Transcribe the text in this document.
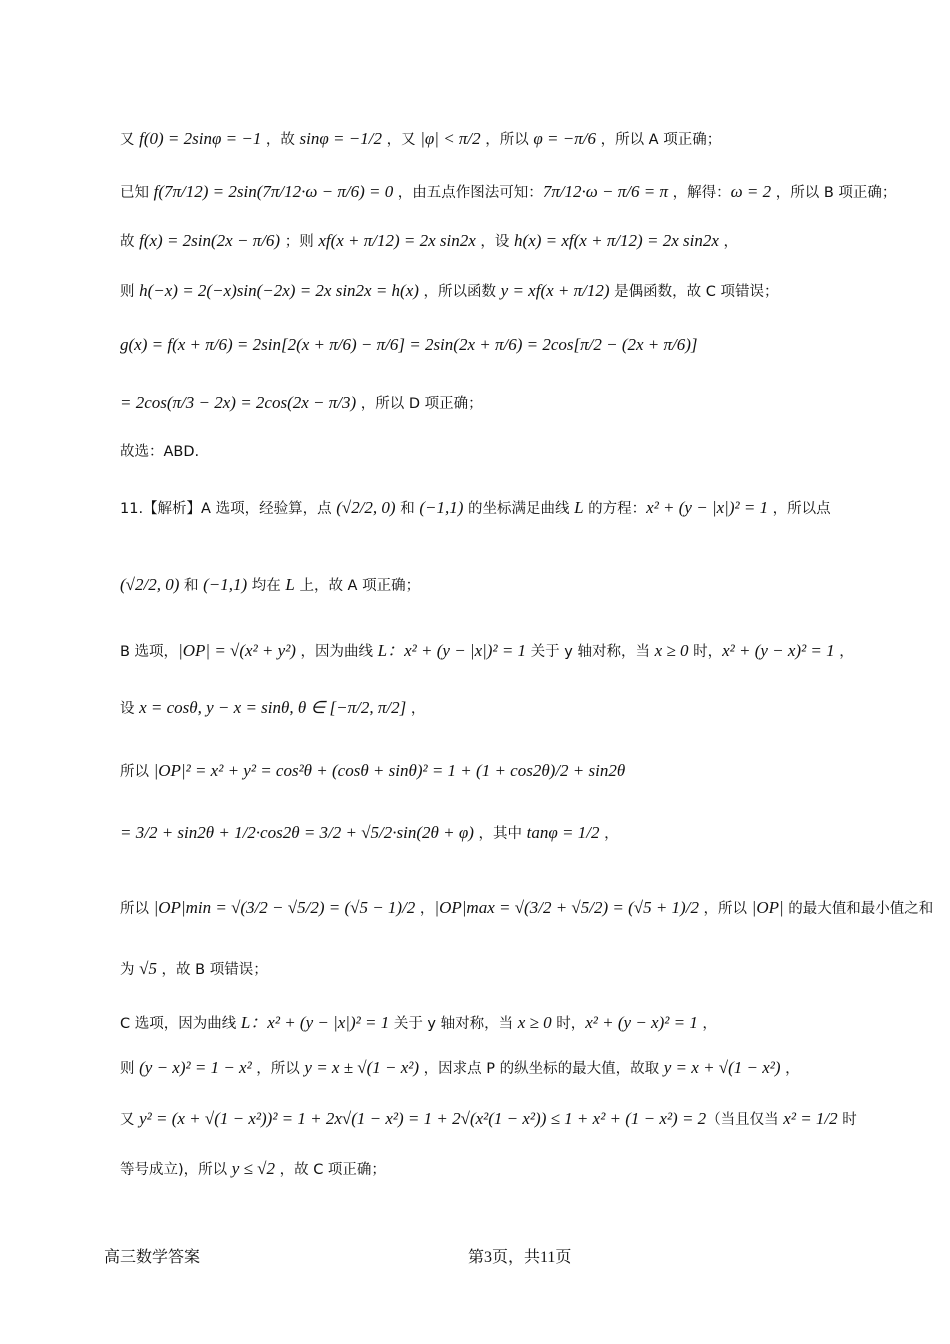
又 f(0) = 2sinφ = −1 ，故 sinφ = −1/2 ，又 |φ| < π/2 ，所以 φ = −π/6 ，所以 A 项正确；
已知 f(7π/12) = 2sin(7π/12·ω − π/6) = 0 ，由五点作图法可知：7π/12·ω − π/6 = π ，解得：ω = 2 ，所以 B 项正确；
故 f(x) = 2sin(2x − π/6) ；则 xf(x + π/12) = 2x sin2x ，设 h(x) = xf(x + π/12) = 2x sin2x ，
则 h(−x) = 2(−x)sin(−2x) = 2x sin2x = h(x) ，所以函数 y = xf(x + π/12) 是偶函数，故 C 项错误；
g(x) = f(x + π/6) = 2sin[2(x + π/6) − π/6] = 2sin(2x + π/6) = 2cos[π/2 − (2x + π/6)]
= 2cos(π/3 − 2x) = 2cos(2x − π/3) ，所以 D 项正确；
故选：ABD.
11.【解析】A 选项，经验算，点 (√2/2, 0) 和 (−1,1) 的坐标满足曲线 L 的方程：x² + (y − |x|)² = 1 ，所以点
(√2/2, 0) 和 (−1,1) 均在 L 上，故 A 项正确；
B 选项，|OP| = √(x² + y²) ，因为曲线 L：x² + (y − |x|)² = 1 关于 y 轴对称，当 x ≥ 0 时，x² + (y − x)² = 1 ，
设 x = cosθ, y − x = sinθ, θ ∈ [−π/2, π/2] ，
所以 |OP|² = x² + y² = cos²θ + (cosθ + sinθ)² = 1 + (1 + cos2θ)/2 + sin2θ
= 3/2 + sin2θ + 1/2·cos2θ = 3/2 + √5/2·sin(2θ + φ) ，其中 tanφ = 1/2 ，
所以 |OP|min = √(3/2 − √5/2) = (√5 − 1)/2 ，|OP|max = √(3/2 + √5/2) = (√5 + 1)/2 ，所以 |OP| 的最大值和最小值之和
为 √5 ，故 B 项错误；
C 选项，因为曲线 L：x² + (y − |x|)² = 1 关于 y 轴对称，当 x ≥ 0 时，x² + (y − x)² = 1 ，
则 (y − x)² = 1 − x² ，所以 y = x ± √(1 − x²) ，因求点 P 的纵坐标的最大值，故取 y = x + √(1 − x²) ，
又 y² = (x + √(1 − x²))² = 1 + 2x√(1 − x²) = 1 + 2√(x²(1 − x²)) ≤ 1 + x² + (1 − x²) = 2（当且仅当 x² = 1/2 时
等号成立)，所以 y ≤ √2 ，故 C 项正确；
高三数学答案	第3页，共11页
